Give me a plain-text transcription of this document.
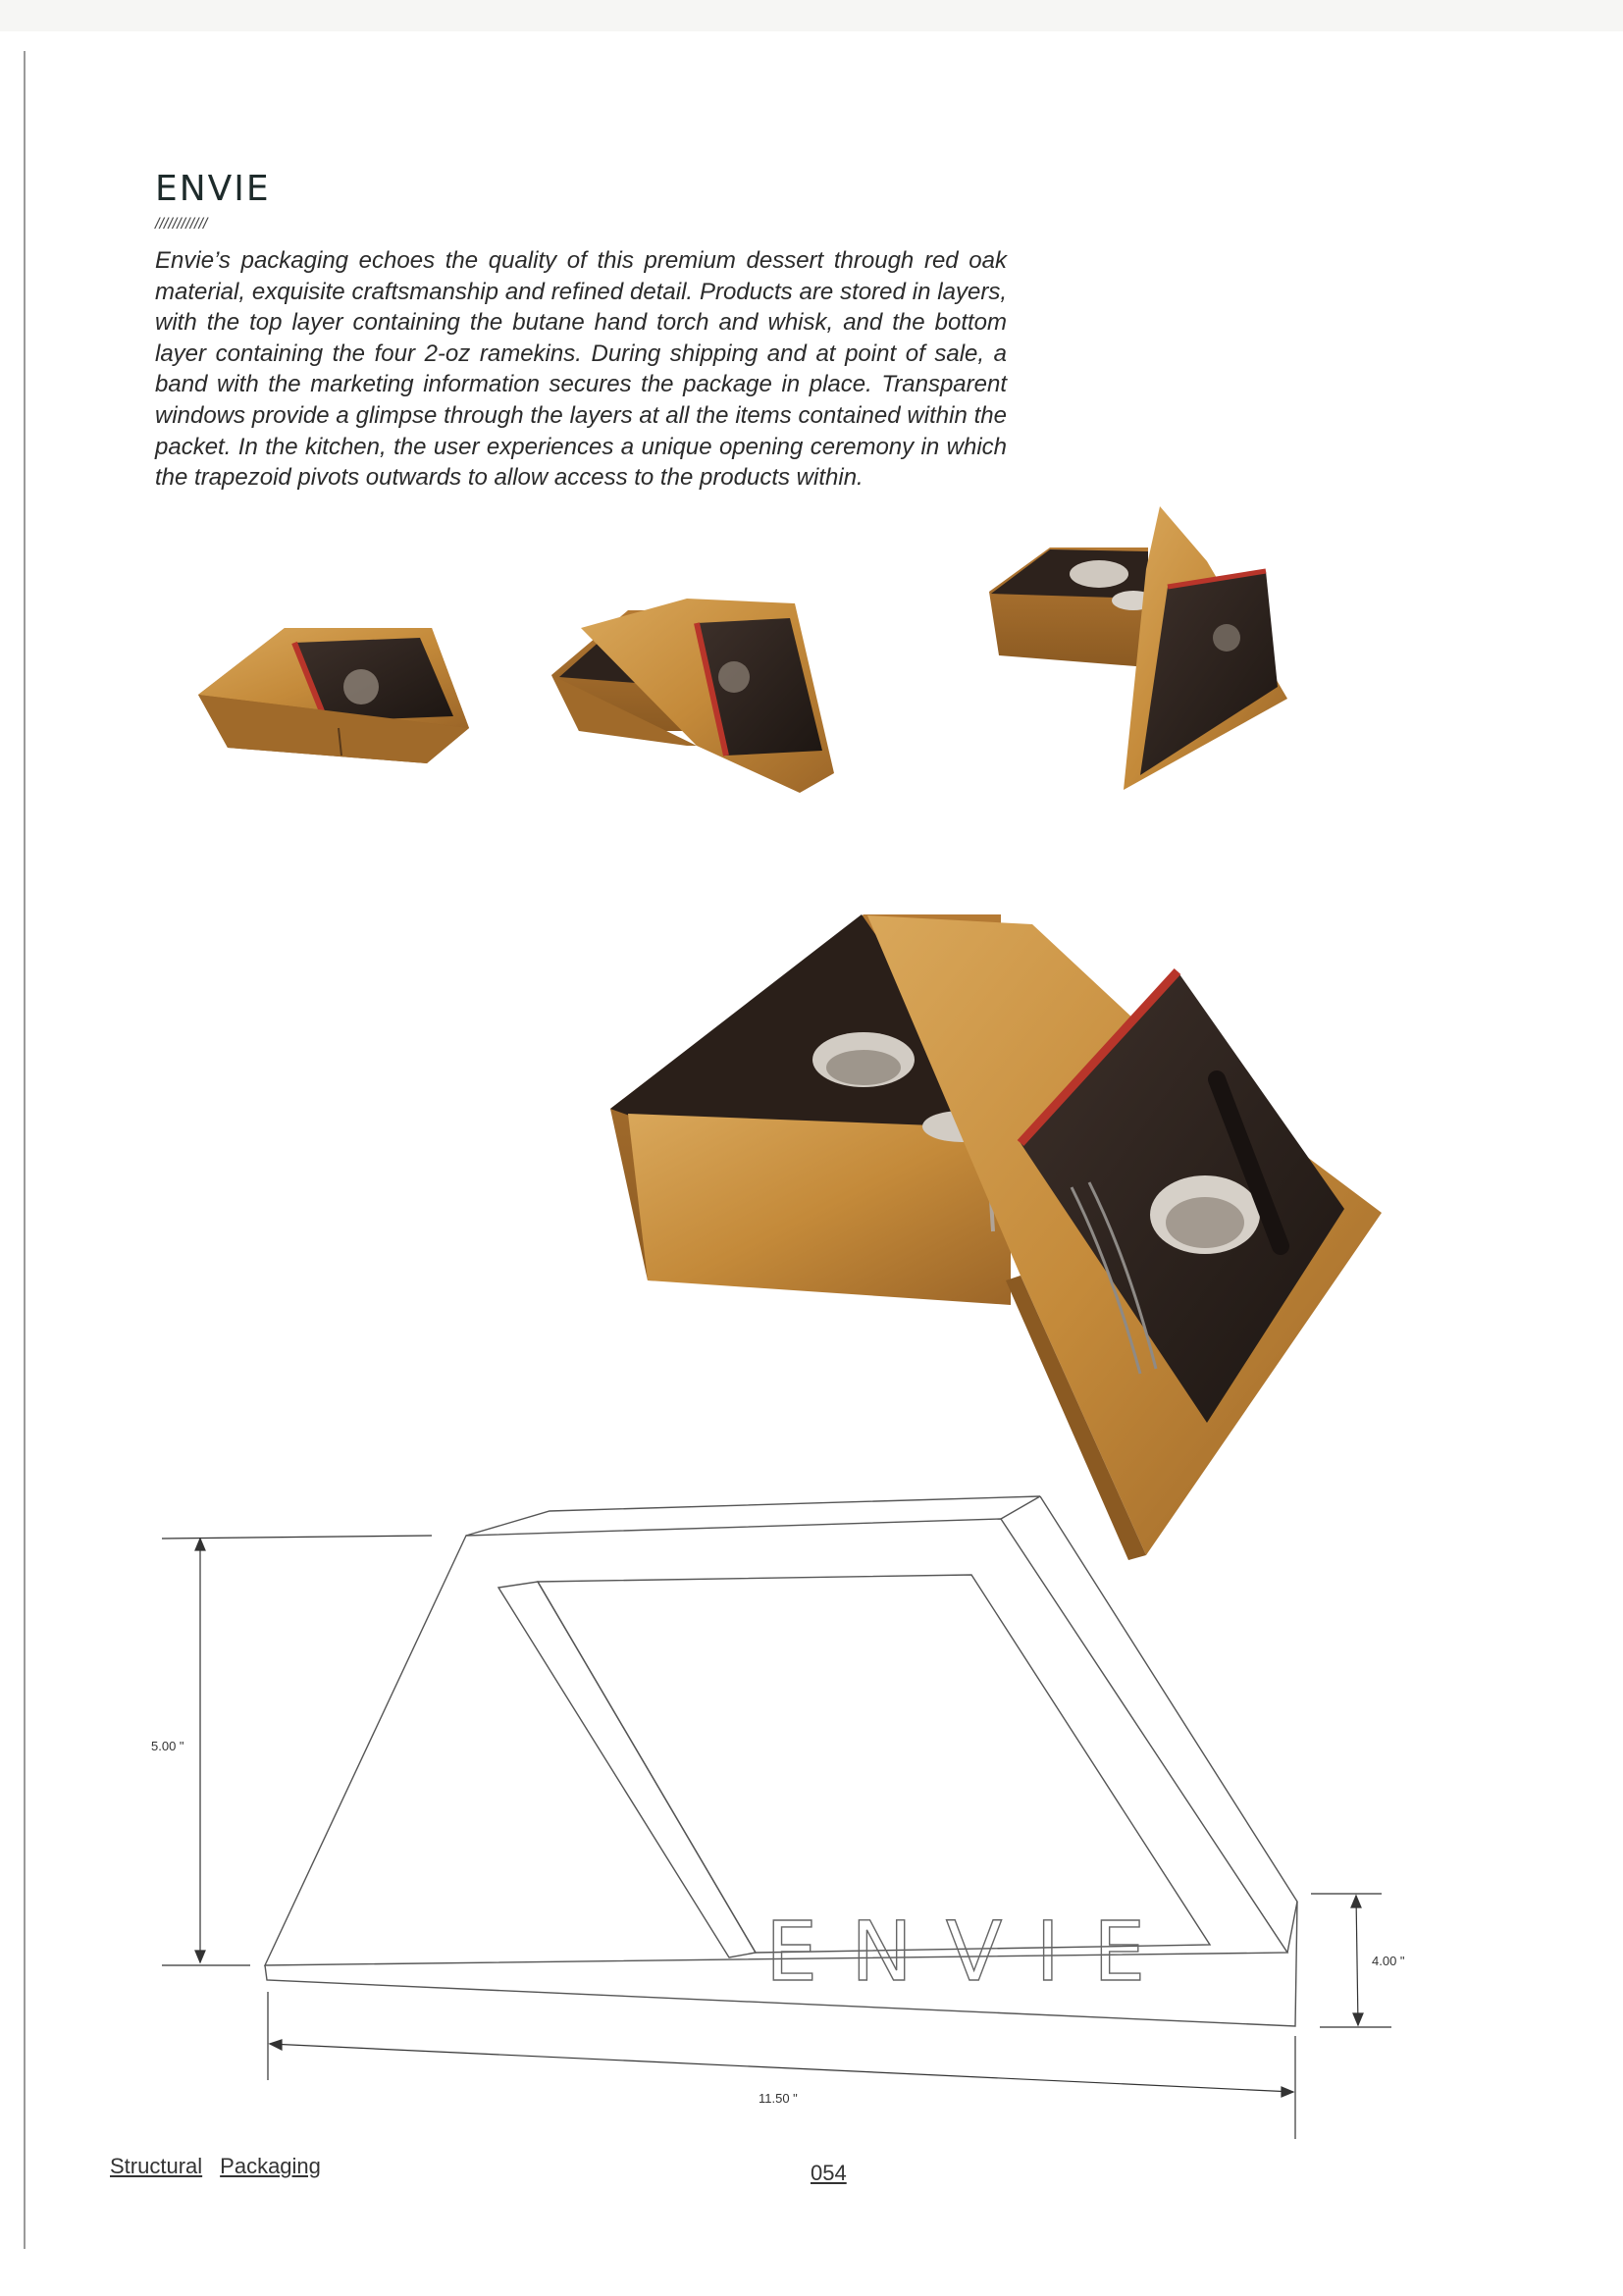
ENVIE
////////////

Envie’s packaging echoes the quality of this premium dessert through red oak material, exquisite craftsmanship and refined detail. Products are stored in layers, with the top layer containing the butane hand torch and whisk, and the bottom layer containing the four 2-oz ramekins. During shipping and at point of sale, a band with the marketing information secures the package in place. Transparent windows provide a glimpse through the layers at all the items contained within the packet. In the kitchen, the user experiences a unique opening ceremony in which the trapezoid pivots outwards to allow access to the products within.

ENVIE
5.00 "
4.00 "
11.50 "
Structural Packaging	054
